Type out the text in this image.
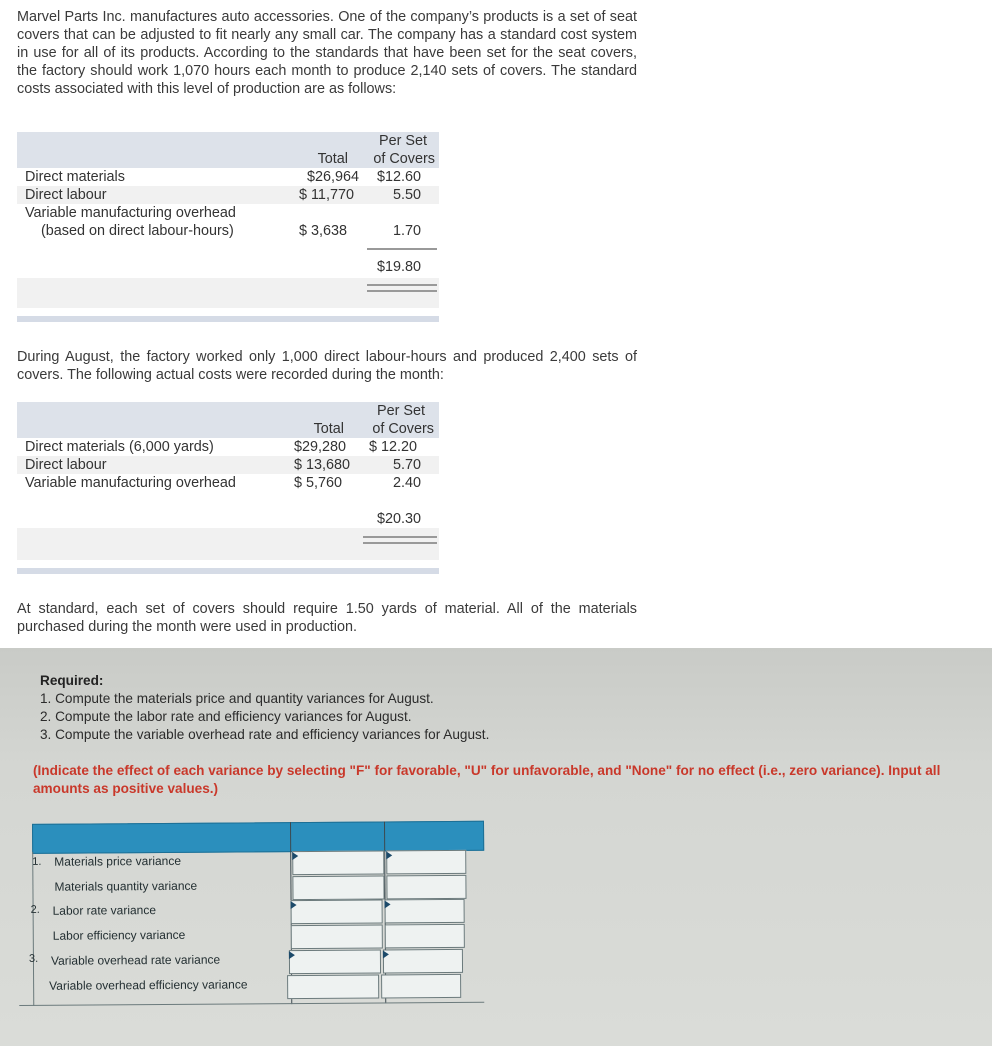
Marvel Parts Inc. manufactures auto accessories. One of the company’s products is a set of seat covers that can be adjusted to fit nearly any small car. The company has a standard cost system in use for all of its products. According to the standards that have been set for the seat covers, the factory should work 1,070 hours each month to produce 2,140 sets of covers. The standard costs associated with this level of production are as follows:
Per Set
Total	of Covers
Direct materials	$26,964	$12.60
Direct labour	$ 11,770	5.50
Variable manufacturing overhead
(based on direct labour-hours)	$ 3,638	1.70
$19.80
During August, the factory worked only 1,000 direct labour-hours and produced 2,400 sets of covers. The following actual costs were recorded during the month:
Per Set
Total	of Covers
Direct materials (6,000 yards)	$29,280 $ 12.20
Direct labour	$ 13,680	5.70
Variable manufacturing overhead	$ 5,760	2.40
$20.30
At standard, each set of covers should require 1.50 yards of material. All of the materials purchased during the month were used in production.
Required:
1. Compute the materials price and quantity variances for August.
2. Compute the labor rate and efficiency variances for August.
3. Compute the variable overhead rate and efficiency variances for August.
(Indicate the effect of each variance by selecting "F" for favorable, "U" for unfavorable, and "None" for no effect (i.e., zero variance). Input all amounts as positive values.)
1. Materials price variance
Materials quantity variance
2. Labor rate variance
Labor efficiency variance
3. Variable overhead rate variance
Variable overhead efficiency variance
